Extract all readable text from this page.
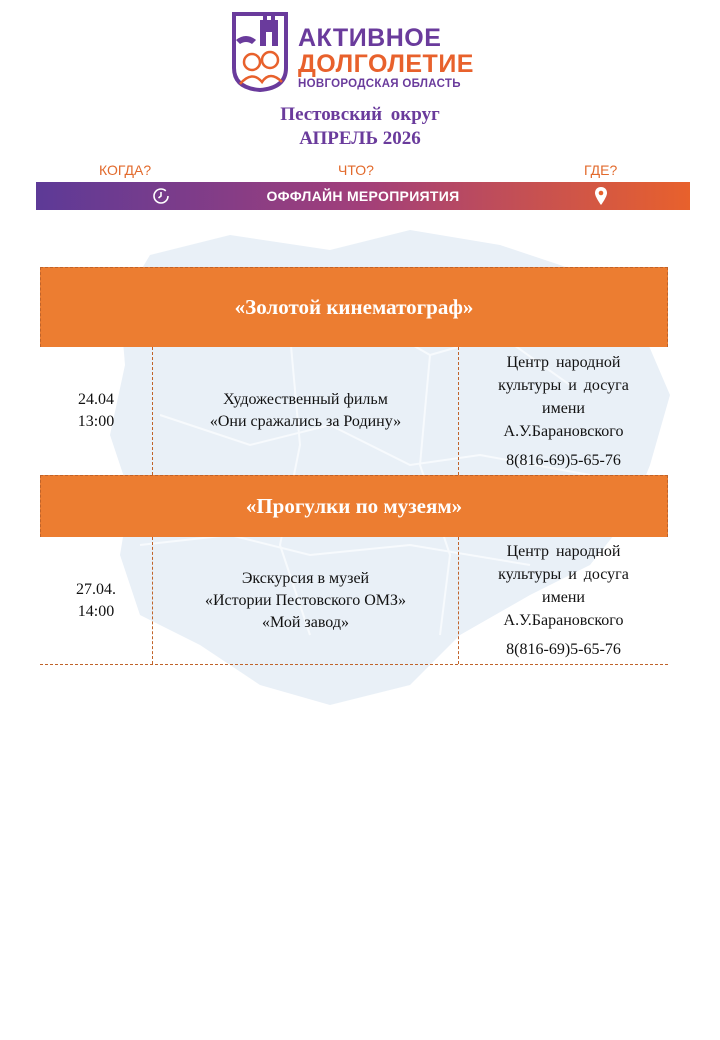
АКТИВНОЕ
ДОЛГОЛЕТИЕ
НОВГОРОДСКАЯ ОБЛАСТЬ
Пестовский округ
АПРЕЛЬ 2026
КОГДА?	ЧТО?	ГДЕ?
ОФФЛАЙН МЕРОПРИЯТИЯ
«Золотой кинематограф»
24.04
13:00
Художественный фильм
«Они сражались за Родину»
Центр народной
культуры и досуга
имени
А.У.Барановского
8(816-69)5-65-76
«Прогулки по музеям»
27.04.
14:00
Экскурсия в музей
«Истории Пестовского ОМЗ»
«Мой завод»
Центр народной
культуры и досуга
имени
А.У.Барановского
8(816-69)5-65-76
